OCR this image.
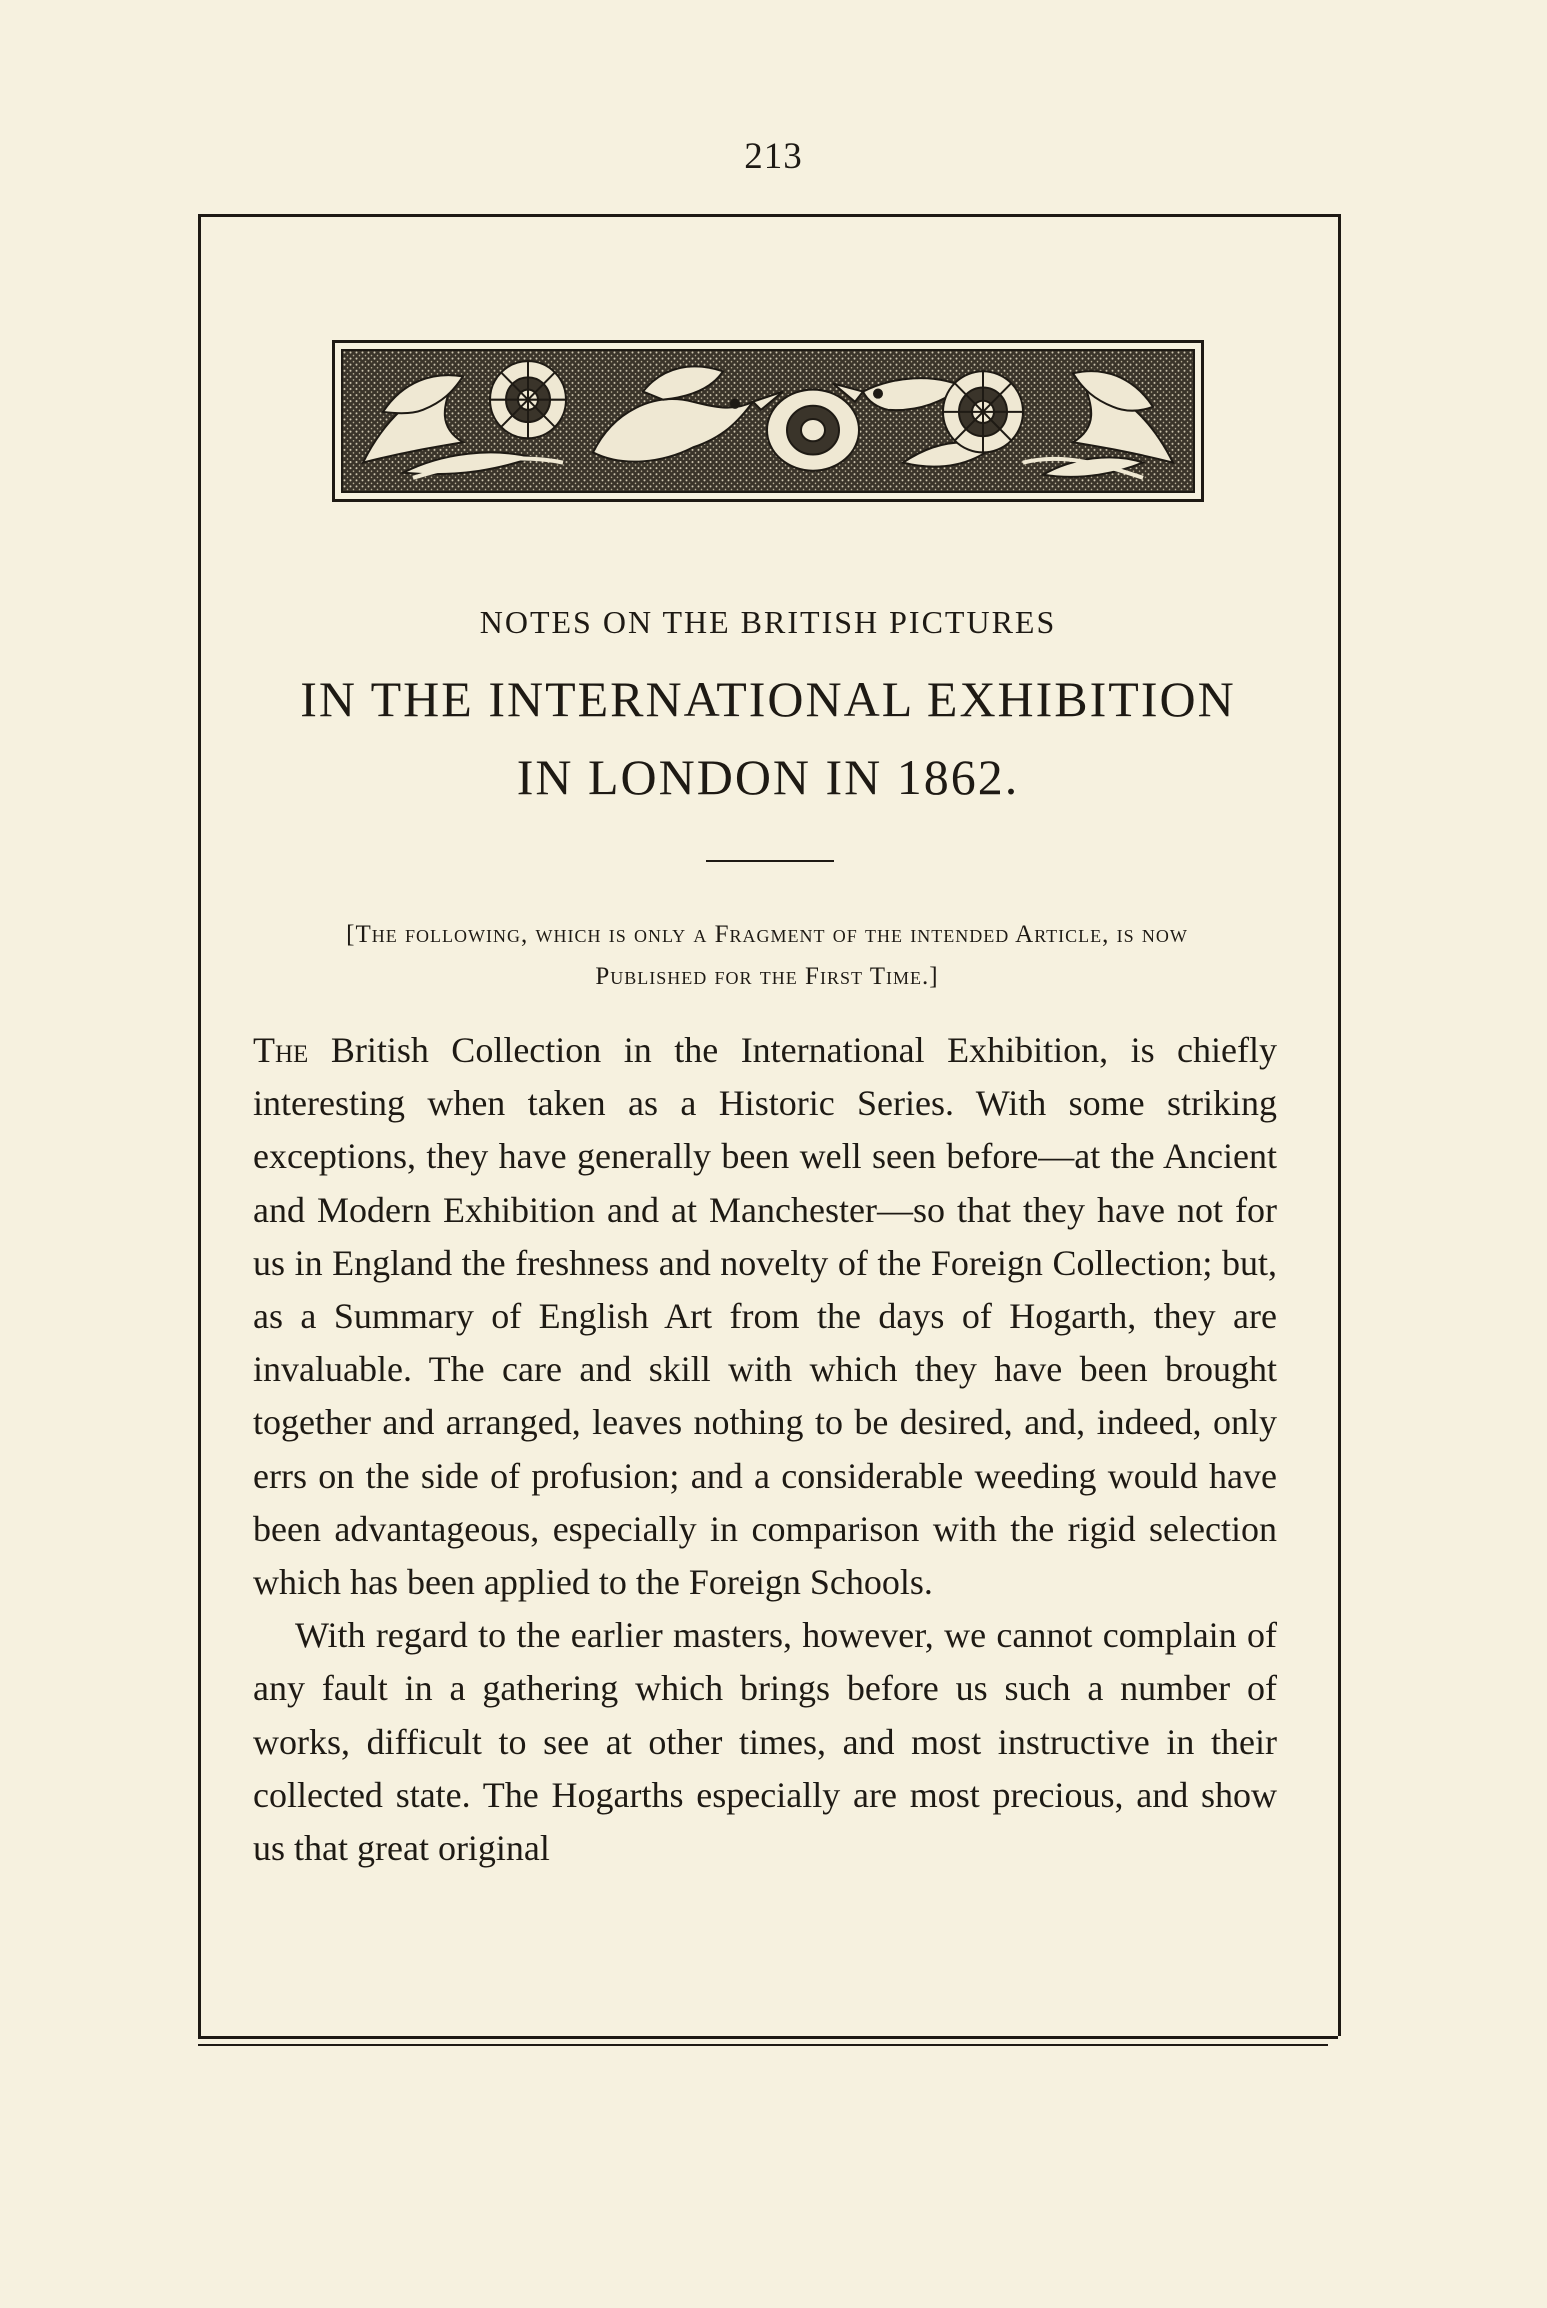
213
NOTES ON THE BRITISH PICTURES
IN THE INTERNATIONAL EXHIBITION
IN LONDON IN 1862.
[The following, which is only a Fragment of the intended Article, is now
Published for the First Time.]

The British Collection in the International Exhibition, is chiefly interesting when taken as a Historic Series. With some striking exceptions, they have generally been well seen before—at the Ancient and Modern Exhibition and at Manchester—so that they have not for us in England the freshness and novelty of the Foreign Collection; but, as a Summary of English Art from the days of Hogarth, they are invaluable. The care and skill with which they have been brought together and arranged, leaves nothing to be desired, and, indeed, only errs on the side of profusion; and a considerable weeding would have been advantageous, especially in comparison with the rigid selection which has been applied to the Foreign Schools.

With regard to the earlier masters, however, we cannot complain of any fault in a gathering which brings before us such a number of works, difficult to see at other times, and most instructive in their collected state. The Hogarths especially are most precious, and show us that great original
